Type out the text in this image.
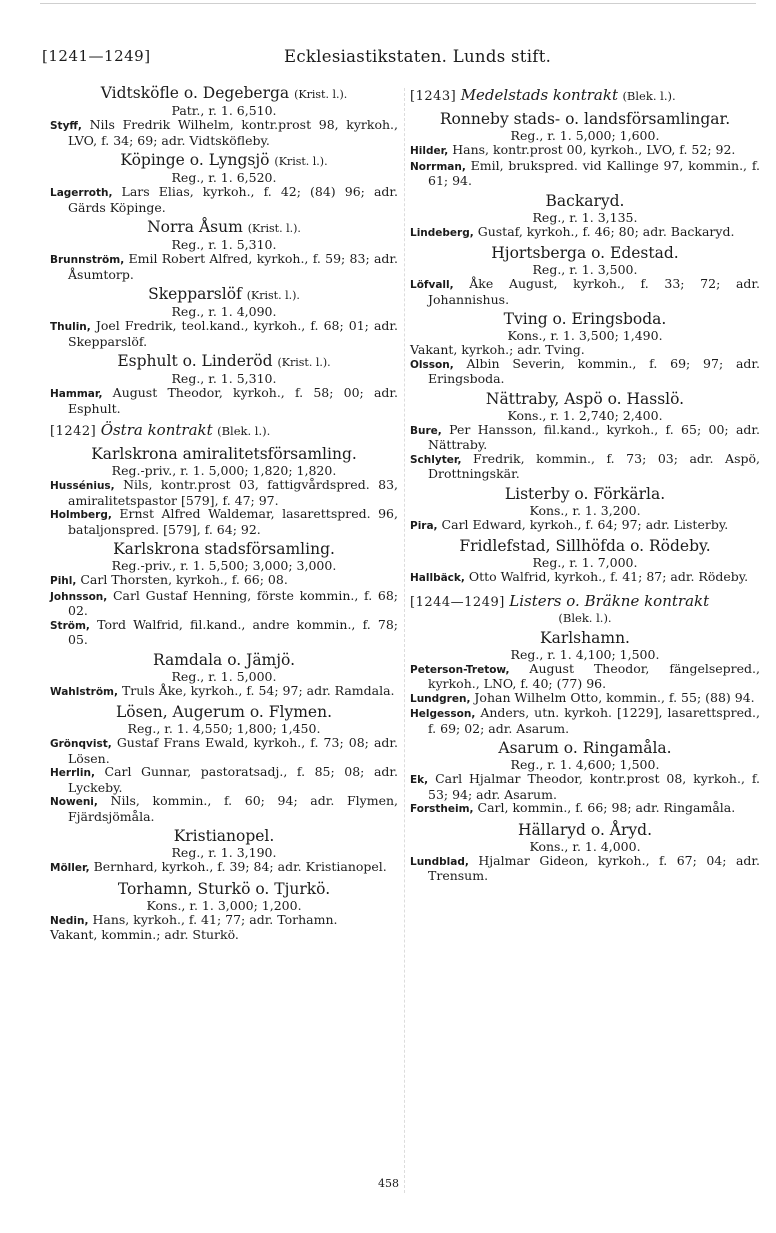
[1241—1249]	Ecklesiastikstaten. Lunds stift.
Vidtsköfle o. Degeberga (Krist. l.).
Patr., r. 1. 6,510.
Styff, Nils Fredrik Wilhelm, kontr.prost 98, kyrkoh., LVO, f. 34; 69; adr. Vidtsköfleby.
Köpinge o. Lyngsjö (Krist. l.).
Reg., r. 1. 6,520.
Lagerroth, Lars Elias, kyrkoh., f. 42; (84) 96; adr. Gärds Köpinge.
Norra Åsum (Krist. l.).
Reg., r. 1. 5,310.
Brunnström, Emil Robert Alfred, kyrkoh., f. 59; 83; adr. Åsumtorp.
Skepparslöf (Krist. l.).
Reg., r. 1. 4,090.
Thulin, Joel Fredrik, teol.kand., kyrkoh., f. 68; 01; adr. Skepparslöf.
Esphult o. Linderöd (Krist. l.).
Reg., r. 1. 5,310.
Hammar, August Theodor, kyrkoh., f. 58; 00; adr. Esphult.
[1242] Östra kontrakt (Blek. l.).
Karlskrona amiralitetsförsamling.
Reg.-priv., r. 1. 5,000; 1,820; 1,820.
Hussénius, Nils, kontr.prost 03, fattigvårdspred. 83, amiralitetspastor [579], f. 47; 97.
Holmberg, Ernst Alfred Waldemar, lasarettspred. 96, bataljonspred. [579], f. 64; 92.
Karlskrona stadsförsamling.
Reg.-priv., r. 1. 5,500; 3,000; 3,000.
Pihl, Carl Thorsten, kyrkoh., f. 66; 08.
Johnsson, Carl Gustaf Henning, förste kommin., f. 68; 02.
Ström, Tord Walfrid, fil.kand., andre kommin., f. 78; 05.
Ramdala o. Jämjö.
Reg., r. 1. 5,000.
Wahlström, Truls Åke, kyrkoh., f. 54; 97; adr. Ramdala.
Lösen, Augerum o. Flymen.
Reg., r. 1. 4,550; 1,800; 1,450.
Grönqvist, Gustaf Frans Ewald, kyrkoh., f. 73; 08; adr. Lösen.
Herrlin, Carl Gunnar, pastoratsadj., f. 85; 08; adr. Lyckeby.
Noweni, Nils, kommin., f. 60; 94; adr. Flymen, Fjärdsjömåla.
Kristianopel.
Reg., r. 1. 3,190.
Möller, Bernhard, kyrkoh., f. 39; 84; adr. Kristianopel.
Torhamn, Sturkö o. Tjurkö.
Kons., r. 1. 3,000; 1,200.
Nedin, Hans, kyrkoh., f. 41; 77; adr. Torhamn.
Vakant, kommin.; adr. Sturkö.
[1243] Medelstads kontrakt (Blek. l.).
Ronneby stads- o. landsförsamlingar.
Reg., r. 1. 5,000; 1,600.
Hilder, Hans, kontr.prost 00, kyrkoh., LVO, f. 52; 92.
Norrman, Emil, brukspred. vid Kallinge 97, kommin., f. 61; 94.
Backaryd.
Reg., r. 1. 3,135.
Lindeberg, Gustaf, kyrkoh., f. 46; 80; adr. Backaryd.
Hjortsberga o. Edestad.
Reg., r. 1. 3,500.
Löfvall, Åke August, kyrkoh., f. 33; 72; adr. Johannishus.
Tving o. Eringsboda.
Kons., r. 1. 3,500; 1,490.
Vakant, kyrkoh.; adr. Tving.
Olsson, Albin Severin, kommin., f. 69; 97; adr. Eringsboda.
Nättraby, Aspö o. Hasslö.
Kons., r. 1. 2,740; 2,400.
Bure, Per Hansson, fil.kand., kyrkoh., f. 65; 00; adr. Nättraby.
Schlyter, Fredrik, kommin., f. 73; 03; adr. Aspö, Drottningskär.
Listerby o. Förkärla.
Kons., r. 1. 3,200.
Pira, Carl Edward, kyrkoh., f. 64; 97; adr. Listerby.
Fridlefstad, Sillhöfda o. Rödeby.
Reg., r. 1. 7,000.
Hallbäck, Otto Walfrid, kyrkoh., f. 41; 87; adr. Rödeby.
[1244—1249] Listers o. Bräkne kontrakt
(Blek. l.).
Karlshamn.
Reg., r. 1. 4,100; 1,500.
Peterson-Tretow, August Theodor, fängelsepred., kyrkoh., LNO, f. 40; (77) 96.
Lundgren, Johan Wilhelm Otto, kommin., f. 55; (88) 94.
Helgesson, Anders, utn. kyrkoh. [1229], lasarettspred., f. 69; 02; adr. Asarum.
Asarum o. Ringamåla.
Reg., r. 1. 4,600; 1,500.
Ek, Carl Hjalmar Theodor, kontr.prost 08, kyrkoh., f. 53; 94; adr. Asarum.
Forstheim, Carl, kommin., f. 66; 98; adr. Ringamåla.
Hällaryd o. Åryd.
Kons., r. 1. 4,000.
Lundblad, Hjalmar Gideon, kyrkoh., f. 67; 04; adr. Trensum.
458
